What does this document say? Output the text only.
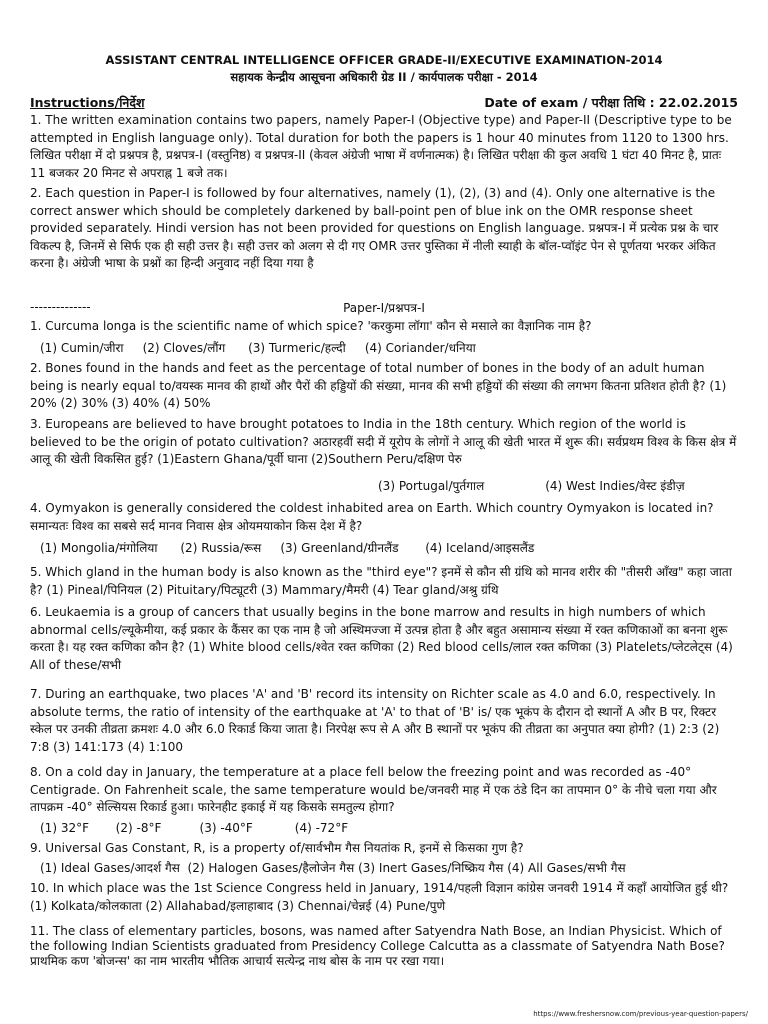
ASSISTANT CENTRAL INTELLIGENCE OFFICER GRADE-II/EXECUTIVE EXAMINATION-2014
सहायक केन्द्रीय आसूचना अधिकारी ग्रेड II / कार्यपालक परीक्षा - 2014
Instructions/निर्देश	Date of exam / परीक्षा तिथि : 22.02.2015
1. The written examination contains two papers, namely Paper-I (Objective type) and Paper-II (Descriptive type to be attempted in English language only). Total duration for both the papers is 1 hour 40 minutes from 1120 to 1300 hrs. लिखित परीक्षा में दो प्रश्नपत्र है, प्रश्नपत्र-I (वस्तुनिष्ठ) व प्रश्नपत्र-II (केवल अंग्रेजी भाषा में वर्णनात्मक) है। लिखित परीक्षा की कुल अवधि 1 घंटा 40 मिनट है, प्रातः 11 बजकर 20 मिनट से अपराह्न 1 बजे तक।
2. Each question in Paper-I is followed by four alternatives, namely (1), (2), (3) and (4). Only one alternative is the correct answer which should be completely darkened by ball-point pen of blue ink on the OMR response sheet provided separately. Hindi version has not been provided for questions on English language. प्रश्नपत्र-I में प्रत्येक प्रश्न के चार विकल्प है, जिनमें से सिर्फ एक ही सही उत्तर है। सही उत्तर को अलग से दी गए OMR उत्तर पुस्तिका में नीली स्याही के बॉल-प्वॉइंट पेन से पूर्णतया भरकर अंकित करना है। अंग्रेजी भाषा के प्रश्नों का हिन्दी अनुवाद नहीं दिया गया है
--------------	Paper-I/प्रश्नपत्र-I
1. Curcuma longa is the scientific name of which spice? 'करकुमा लॉगा' कौन से मसाले का वैज्ञानिक नाम है?
(1) Cumin/जीरा     (2) Cloves/लौंग      (3) Turmeric/हल्दी     (4) Coriander/धनिया
2. Bones found in the hands and feet as the percentage of total number of bones in the body of an adult human being is nearly equal to/वयस्क मानव की हाथों और पैरों की हड्डियों की संख्या, मानव की सभी हड्डियों की संख्या की लगभग कितना प्रतिशत होती है? (1) 20% (2) 30% (3) 40% (4) 50%
3. Europeans are believed to have brought potatoes to India in the 18th century. Which region of the world is believed to be the origin of potato cultivation? अठारहवीं सदी में यूरोप के लोगों ने आलू की खेती भारत में शुरू की। सर्वप्रथम विश्व के किस क्षेत्र में आलू की खेती विकसित हुई? (1)Eastern Ghana/पूर्वी घाना (2)Southern Peru/दक्षिण पेरु
(3) Portugal/पुर्तगाल                (4) West Indies/वेस्ट इंडीज़
4. Oymyakon is generally considered the coldest inhabited area on Earth. Which country Oymyakon is located in? समान्यतः विश्व का सबसे सर्द मानव निवास क्षेत्र ओयमयाकोन किस देश में है?
(1) Mongolia/मंगोलिया      (2) Russia/रूस     (3) Greenland/ग्रीनलैंड       (4) Iceland/आइसलैंड
5. Which gland in the human body is also known as the "third eye"? इनमें से कौन सी ग्रंथि को मानव शरीर की "तीसरी आँख" कहा जाता है? (1) Pineal/पिनियल (2) Pituitary/पिट्यूटरी (3) Mammary/मैमरी (4) Tear gland/अश्रु ग्रंथि
6. Leukaemia is a group of cancers that usually begins in the bone marrow and results in high numbers of which abnormal cells/ल्यूकेमीया, कई प्रकार के कैंसर का एक नाम है जो अस्थिमज्जा में उत्पन्न होता है और बहुत असामान्य संख्या में रक्त कणिकाओं का बनना शुरू करता है। यह रक्त कणिका कौन है? (1) White blood cells/श्वेत रक्त कणिका (2) Red blood cells/लाल रक्त कणिका (3) Platelets/प्लेटलेट्स (4) All of these/सभी
7. During an earthquake, two places 'A' and 'B' record its intensity on Richter scale as 4.0 and 6.0, respectively. In absolute terms, the ratio of intensity of the earthquake at 'A' to that of 'B' is/ एक भूकंप के दौरान दो स्थानों A और B पर, रिक्टर स्केल पर उनकी तीव्रता क्रमशः 4.0 और 6.0 रिकार्ड किया जाता है। निरपेक्ष रूप से A और B स्थानों पर भूकंप की तीव्रता का अनुपात क्या होगी? (1) 2:3 (2) 7:8 (3) 141:173 (4) 1:100
8. On a cold day in January, the temperature at a place fell below the freezing point and was recorded as -40° Centigrade. On Fahrenheit scale, the same temperature would be/जनवरी माह में एक ठंडे दिन का तापमान 0° के नीचे चला गया और तापक्रम -40° सेल्सियस रिकार्ड हुआ। फारेनहीट इकाई में यह किसके समतुल्य होगा?
(1) 32°F       (2) -8°F          (3) -40°F           (4) -72°F
9. Universal Gas Constant, R, is a property of/सार्वभौम गैस नियतांक R, इनमें से किसका गुण है?
(1) Ideal Gases/आदर्श गैस  (2) Halogen Gases/हैलोजेन गैस (3) Inert Gases/निष्क्रिय गैस (4) All Gases/सभी गैस
10. In which place was the 1st Science Congress held in January, 1914/पहली विज्ञान कांग्रेस जनवरी 1914 में कहाँ आयोजित हुई थी? (1) Kolkata/कोलकाता (2) Allahabad/इलाहाबाद (3) Chennai/चेन्नई (4) Pune/पुणे
11. The class of elementary particles, bosons, was named after Satyendra Nath Bose, an Indian Physicist. Which of the following Indian Scientists graduated from Presidency College Calcutta as a classmate of Satyendra Nath Bose? प्राथमिक कण 'बोजन्स' का नाम भारतीय भौतिक आचार्य सत्येन्द्र नाथ बोस के नाम पर रखा गया।
https://www.freshersnow.com/previous-year-question-papers/
